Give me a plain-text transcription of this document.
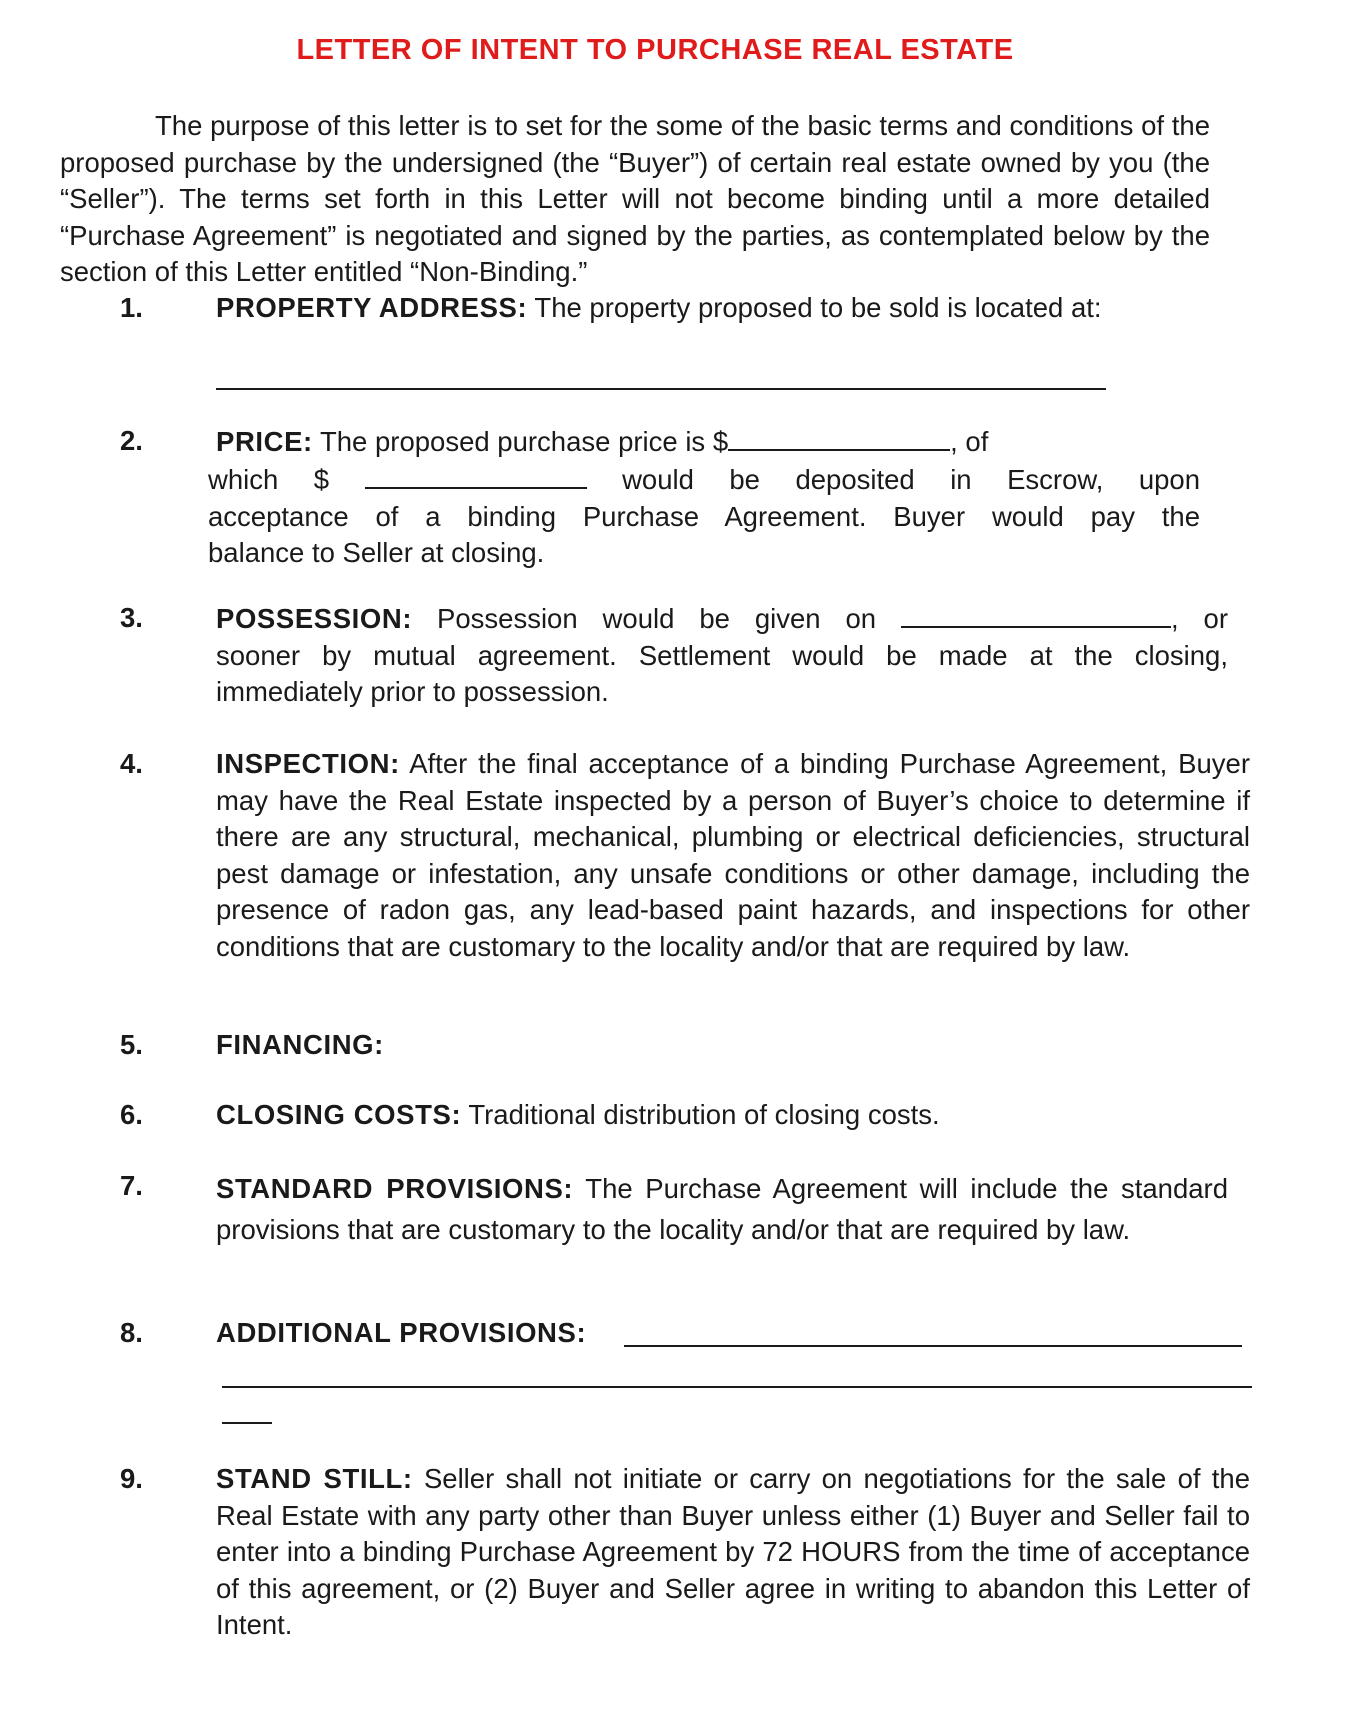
LETTER OF INTENT TO PURCHASE REAL ESTATE
The purpose of this letter is to set for the some of the basic terms and conditions of the proposed purchase by the undersigned (the “Buyer”) of certain real estate owned by you (the “Seller”). The terms set forth in this Letter will not become binding until a more detailed “Purchase Agreement” is negotiated and signed by the parties, as contemplated below by the section of this Letter entitled “Non-Binding.”
1.	PROPERTY ADDRESS: The property proposed to be sold is located at:
2.	PRICE: The proposed purchase price is $	, of
which $	would be deposited in Escrow, upon
acceptance of a binding Purchase Agreement. Buyer would pay the
balance to Seller at closing.
3.	POSSESSION: Possession would be given on	, or
sooner by mutual agreement. Settlement would be made at the closing,
immediately prior to possession.
4.	INSPECTION: After the final acceptance of a binding Purchase Agreement, Buyer may have the Real Estate inspected by a person of Buyer’s choice to determine if there are any structural, mechanical, plumbing or electrical deficiencies, structural pest damage or infestation, any unsafe conditions or other damage, including the presence of radon gas, any lead-based paint hazards, and inspections for other conditions that are customary to the locality and/or that are required by law.
5.	FINANCING:
6.	CLOSING COSTS: Traditional distribution of closing costs.
7.	STANDARD PROVISIONS: The Purchase Agreement will include the standard provisions that are customary to the locality and/or that are required by law.
8.	ADDITIONAL PROVISIONS:
9.	STAND STILL: Seller shall not initiate or carry on negotiations for the sale of the Real Estate with any party other than Buyer unless either (1) Buyer and Seller fail to enter into a binding Purchase Agreement by 72 HOURS from the time of acceptance of this agreement, or (2) Buyer and Seller agree in writing to abandon this Letter of Intent.
